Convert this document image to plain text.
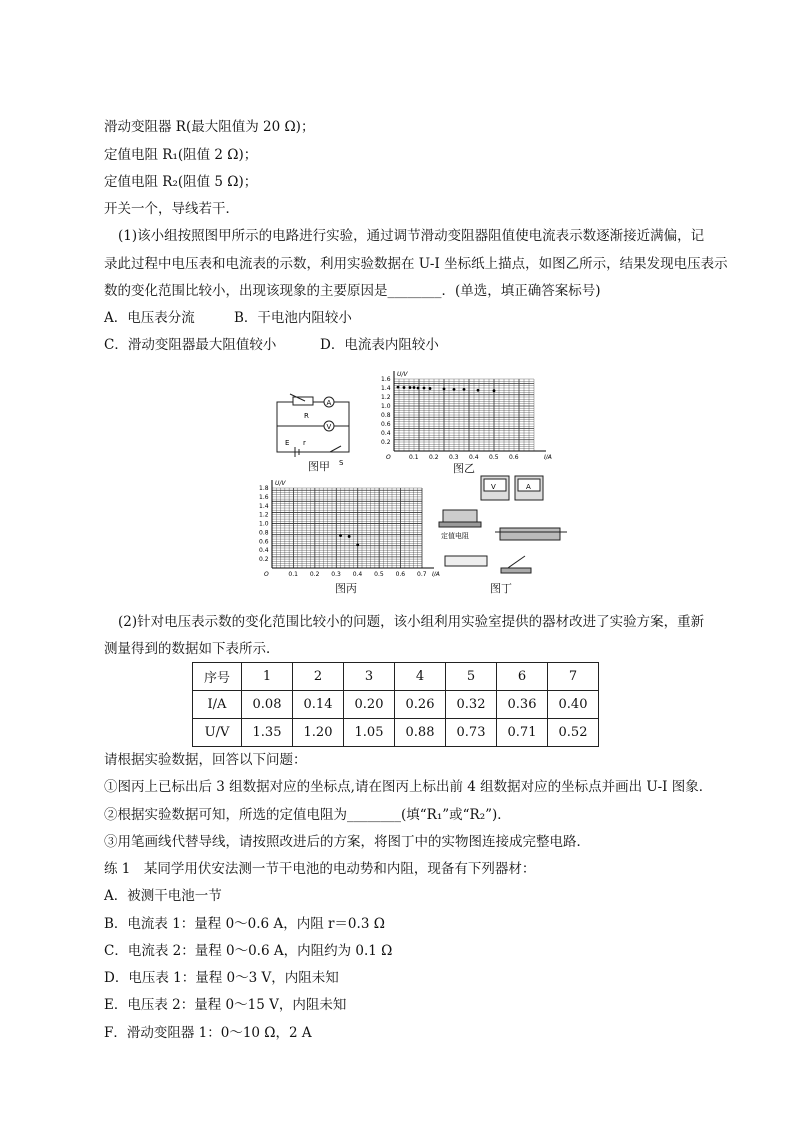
滑动变阻器 R(最大阻值为 20 Ω)；
定值电阻 R₁(阻值 2 Ω)；
定值电阻 R₂(阻值 5 Ω)；
开关一个，导线若干．
(1)该小组按照图甲所示的电路进行实验，通过调节滑动变阻器阻值使电流表示数逐渐接近满偏，记
录此过程中电压表和电流表的示数，利用实验数据在 U-I 坐标纸上描点，如图乙所示，结果发现电压表示
数的变化范围比较小，出现该现象的主要原因是________．(单选，填正确答案标号)
A．电压表分流	B．干电池内阻较小
C．滑动变阻器最大阻值较小	D．电流表内阻较小
R
A
V
E r
S
图甲
0.1 0.2 0.3 0.4 0.5 0.6
0.2
0.4
0.6
0.8
1.0
1.2
1.4
1.6
O	I/A
U/V
图乙
0.1 0.2 0.3 0.4 0.5 0.6 0.7
0.2
0.4
0.6
0.8
1.0
1.2
1.4
1.6
1.8
O	I/A
U/V
图丙
V	A
定值电阻
图丁
(2)针对电压表示数的变化范围比较小的问题，该小组利用实验室提供的器材改进了实验方案，重新
测量得到的数据如下表所示．
序号	1	2	3	4	5	6	7
I/A	0.08	0.14	0.20	0.26	0.32	0.36	0.40
U/V	1.35	1.20	1.05	0.88	0.73	0.71	0.52
请根据实验数据，回答以下问题：
①图丙上已标出后 3 组数据对应的坐标点,请在图丙上标出前 4 组数据对应的坐标点并画出 U-I 图象．
②根据实验数据可知，所选的定值电阻为________(填“R₁”或“R₂”)．
③用笔画线代替导线，请按照改进后的方案，将图丁中的实物图连接成完整电路．
练 1　某同学用伏安法测一节干电池的电动势和内阻，现备有下列器材：
A．被测干电池一节
B．电流表 1：量程 0～0.6 A，内阻 r＝0.3 Ω
C．电流表 2：量程 0～0.6 A，内阻约为 0.1 Ω
D．电压表 1：量程 0～3 V，内阻未知
E．电压表 2：量程 0～15 V，内阻未知
F．滑动变阻器 1：0～10 Ω，2 A
